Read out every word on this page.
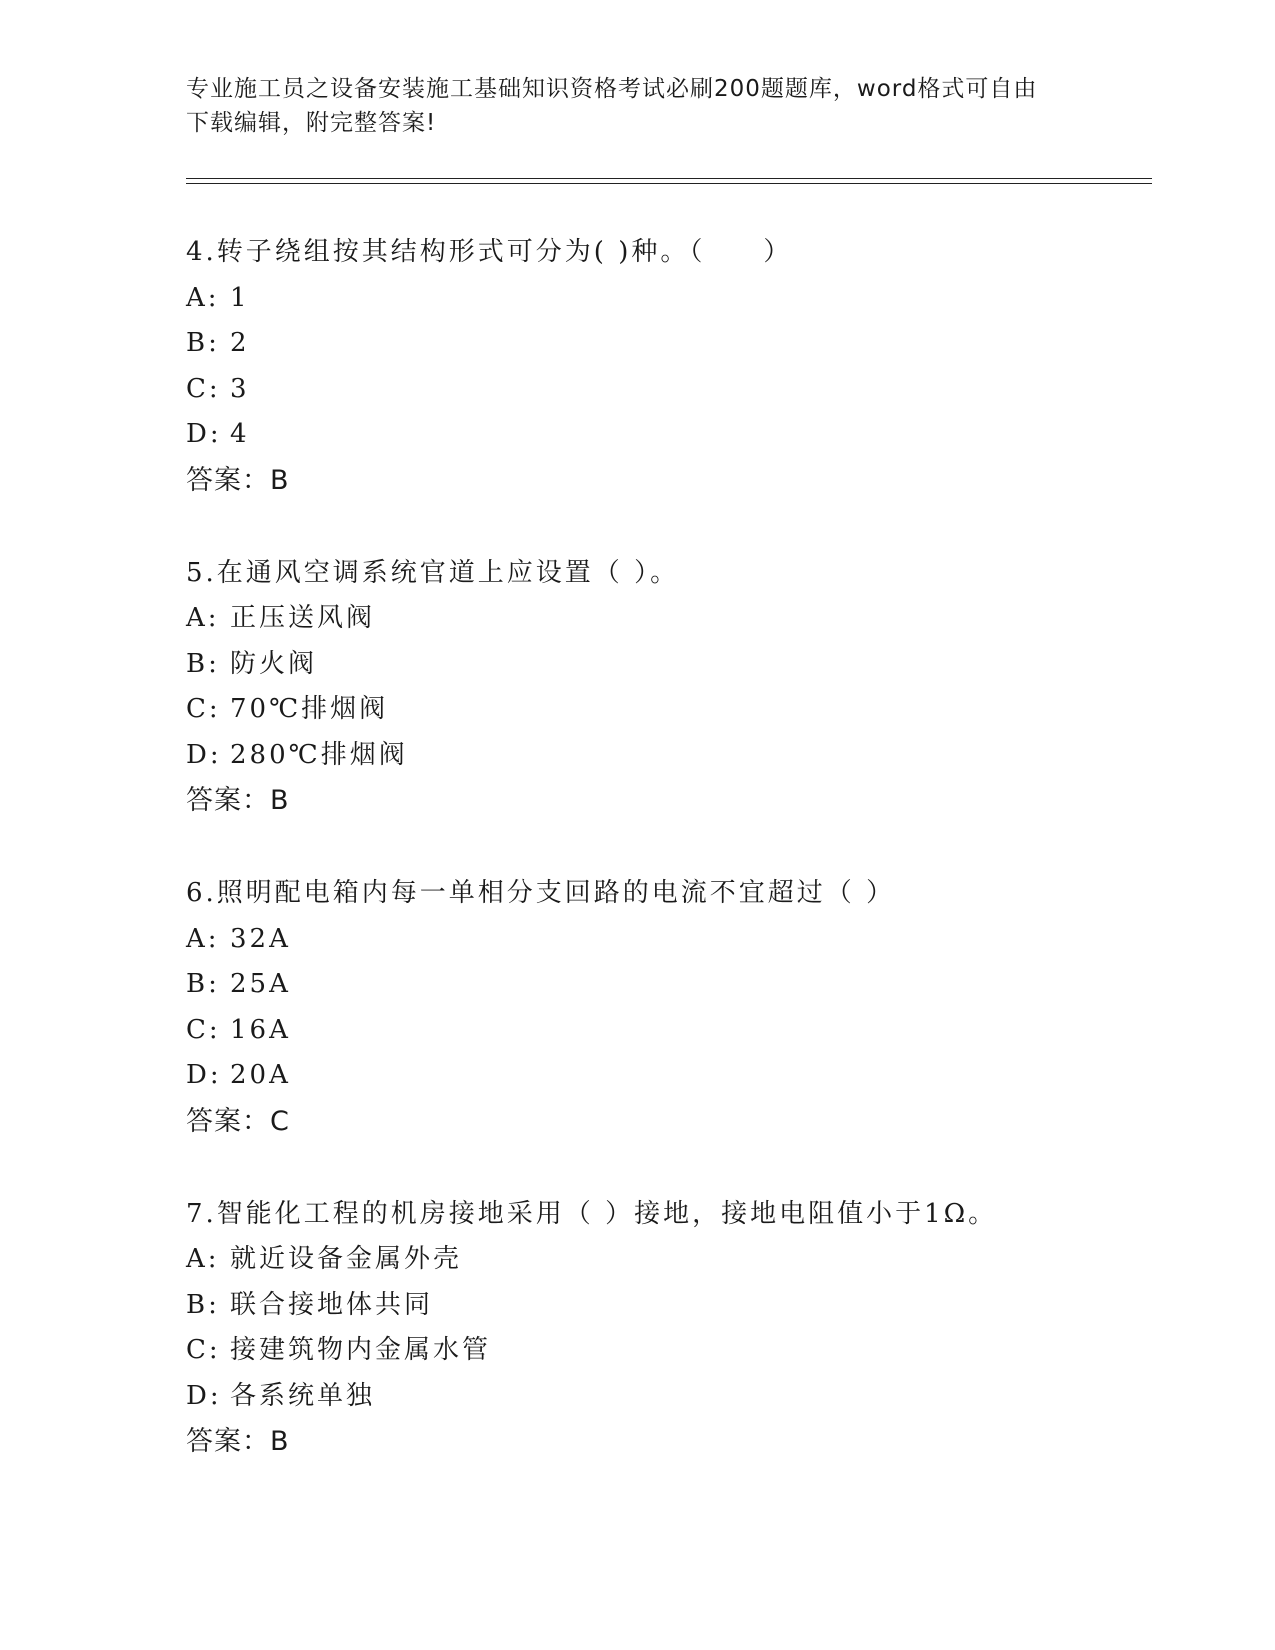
专业施工员之设备安装施工基础知识资格考试必刷200题题库，word格式可自由
下载编辑，附完整答案!
4.转子绕组按其结构形式可分为( )种。（　　）
A: 1
B: 2
C: 3
D: 4
答案：B
5.在通风空调系统官道上应设置（ ）。
A: 正压送风阀
B: 防火阀
C: 70℃排烟阀
D: 280℃排烟阀
答案：B
6.照明配电箱内每一单相分支回路的电流不宜超过（ ）
A: 32A
B: 25A
C: 16A
D: 20A
答案：C
7.智能化工程的机房接地采用（ ）接地，接地电阻值小于1Ω。
A: 就近设备金属外壳
B: 联合接地体共同
C: 接建筑物内金属水管
D: 各系统单独
答案：B
